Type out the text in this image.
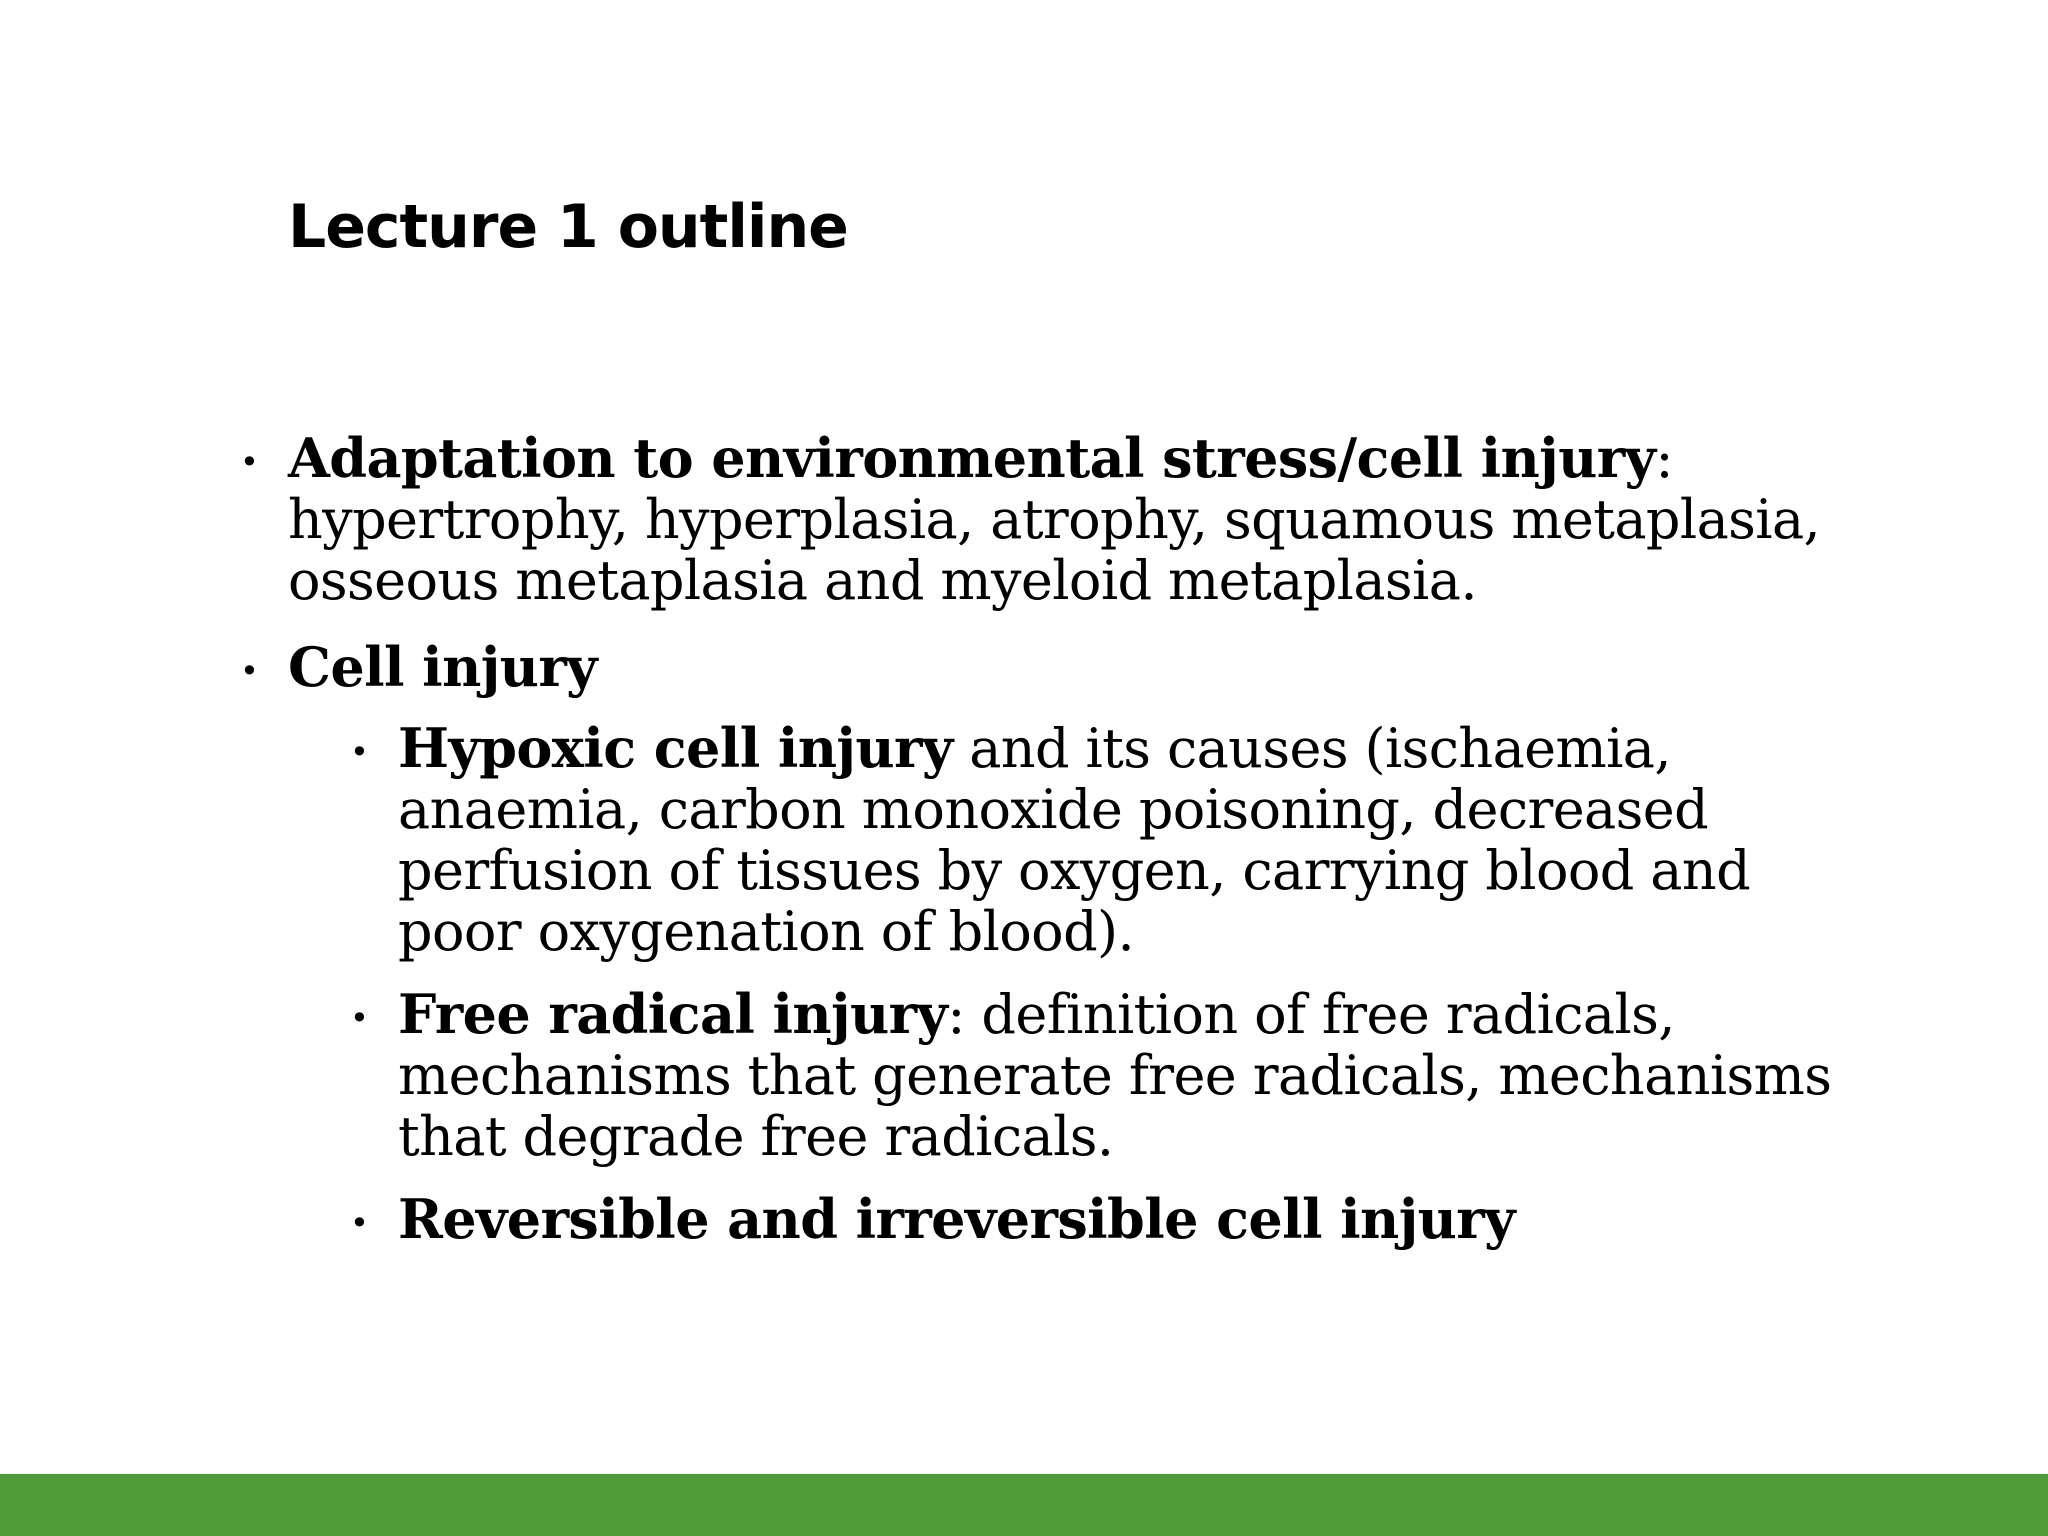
Lecture 1 outline
• Adaptation to environmental stress/cell injury: hypertrophy, hyperplasia, atrophy, squamous metaplasia, osseous metaplasia and myeloid metaplasia.
• Cell injury
• Hypoxic cell injury and its causes (ischaemia, anaemia, carbon monoxide poisoning, decreased perfusion of tissues by oxygen, carrying blood and poor oxygenation of blood).
• Free radical injury: definition of free radicals, mechanisms that generate free radicals, mechanisms that degrade free radicals.
• Reversible and irreversible cell injury
